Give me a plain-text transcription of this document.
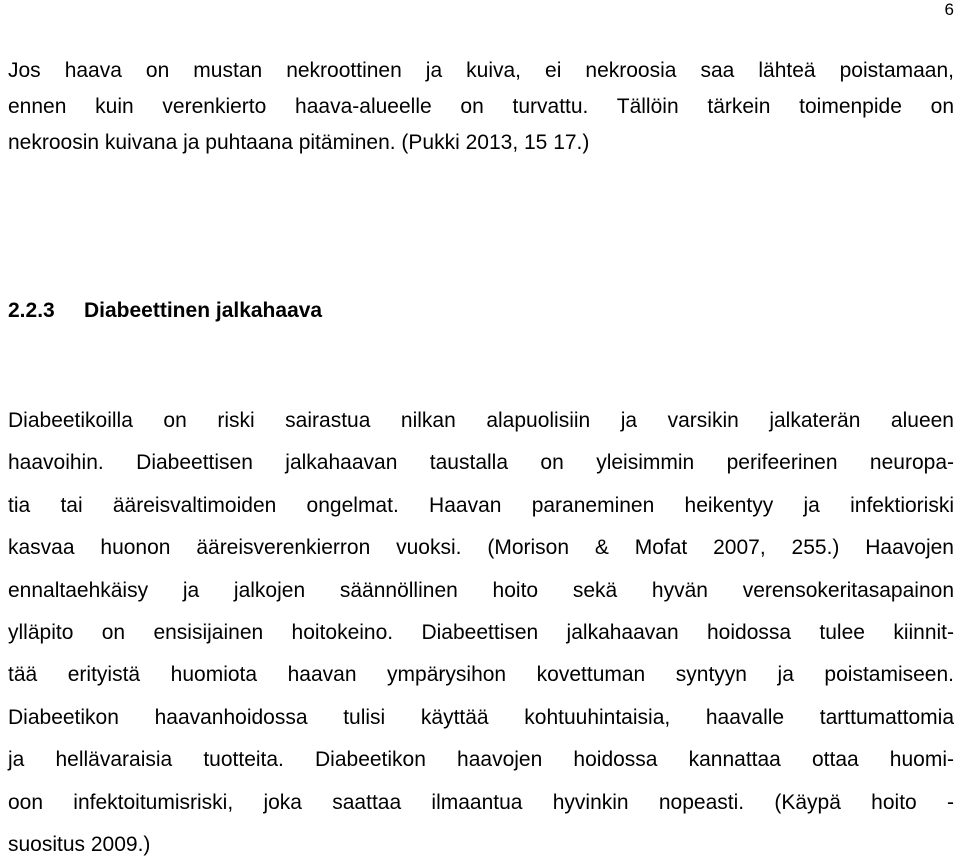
6

Jos haava on mustan nekroottinen ja kuiva, ei nekroosia saa lähteä poistamaan,
ennen kuin verenkierto haava-alueelle on turvattu. Tällöin tärkein toimenpide on
nekroosin kuivana ja puhtaana pitäminen. (Pukki 2013, 15 17.)

2.2.3 Diabeettinen jalkahaava

Diabeetikoilla on riski sairastua nilkan alapuolisiin ja varsikin jalkaterän alueen
haavoihin. Diabeettisen jalkahaavan taustalla on yleisimmin perifeerinen neuropa-
tia tai ääreisvaltimoiden ongelmat. Haavan paraneminen heikentyy ja infektioriski
kasvaa huonon ääreisverenkierron vuoksi. (Morison & Mofat 2007, 255.) Haavojen
ennaltaehkäisy ja jalkojen säännöllinen hoito sekä hyvän verensokeritasapainon
ylläpito on ensisijainen hoitokeino. Diabeettisen jalkahaavan hoidossa tulee kiinnit-
tää erityistä huomiota haavan ympärysihon kovettuman syntyyn ja poistamiseen.
Diabeetikon haavanhoidossa tulisi käyttää kohtuuhintaisia, haavalle tarttumattomia
ja hellävaraisia tuotteita. Diabeetikon haavojen hoidossa kannattaa ottaa huomi-
oon infektoitumisriski, joka saattaa ilmaantua hyvinkin nopeasti. (Käypä hoito -
suositus 2009.)
